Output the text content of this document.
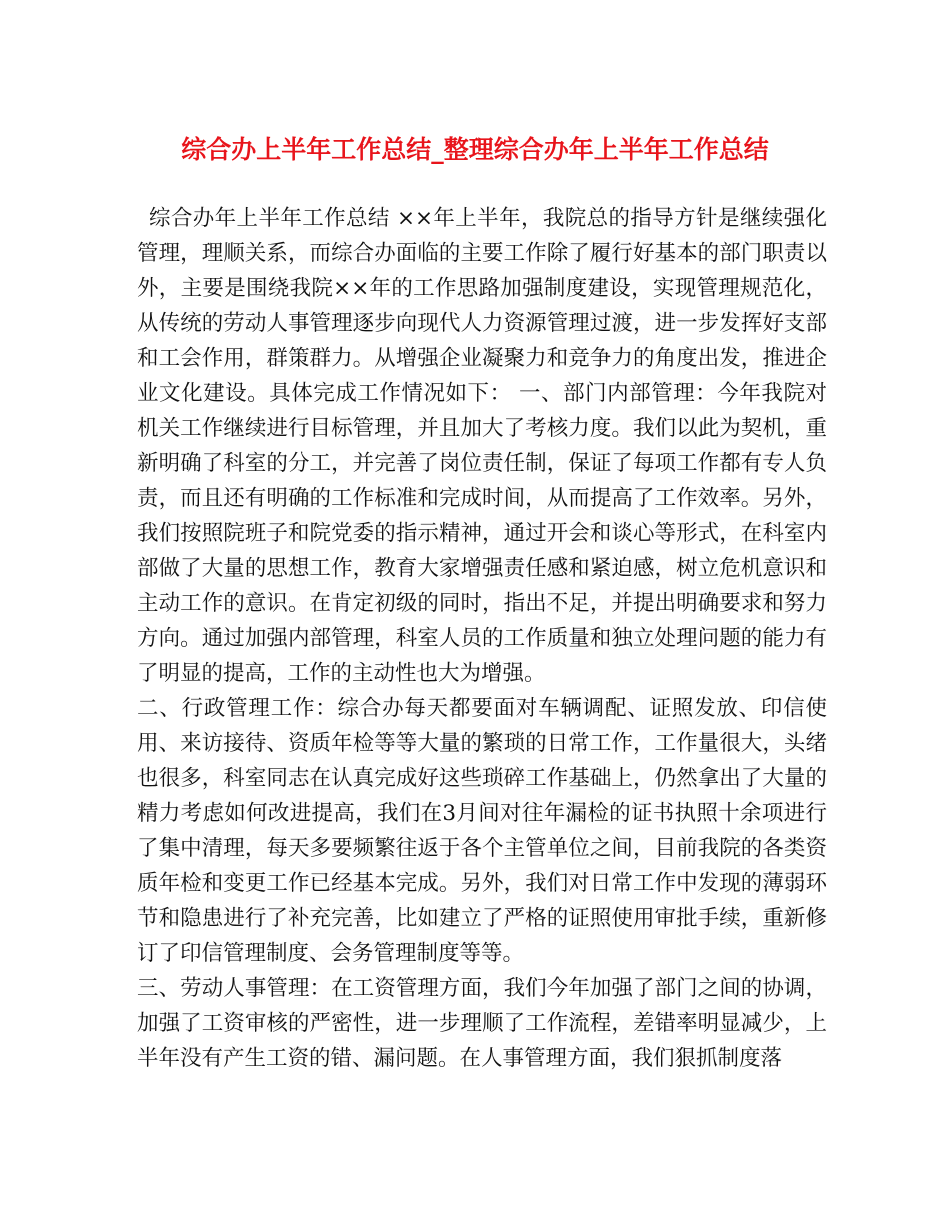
综合办上半年工作总结_整理综合办年上半年工作总结

综合办年上半年工作总结 ××年上半年，我院总的指导方针是继续强化管理，理顺关系，而综合办面临的主要工作除了履行好基本的部门职责以外，主要是围绕我院××年的工作思路加强制度建设，实现管理规范化，从传统的劳动人事管理逐步向现代人力资源管理过渡，进一步发挥好支部和工会作用，群策群力。从增强企业凝聚力和竞争力的角度出发，推进企业文化建设。具体完成工作情况如下： 一、部门内部管理：今年我院对机关工作继续进行目标管理，并且加大了考核力度。我们以此为契机，重新明确了科室的分工，并完善了岗位责任制，保证了每项工作都有专人负责，而且还有明确的工作标准和完成时间，从而提高了工作效率。另外，我们按照院班子和院党委的指示精神，通过开会和谈心等形式，在科室内部做了大量的思想工作，教育大家增强责任感和紧迫感，树立危机意识和主动工作的意识。在肯定初级的同时，指出不足，并提出明确要求和努力方向。通过加强内部管理，科室人员的工作质量和独立处理问题的能力有了明显的提高，工作的主动性也大为增强。

二、行政管理工作：综合办每天都要面对车辆调配、证照发放、印信使用、来访接待、资质年检等等大量的繁琐的日常工作，工作量很大，头绪也很多，科室同志在认真完成好这些琐碎工作基础上，仍然拿出了大量的精力考虑如何改进提高，我们在3月间对往年漏检的证书执照十余项进行了集中清理，每天多要频繁往返于各个主管单位之间，目前我院的各类资质年检和变更工作已经基本完成。另外，我们对日常工作中发现的薄弱环节和隐患进行了补充完善，比如建立了严格的证照使用审批手续，重新修订了印信管理制度、会务管理制度等等。

三、劳动人事管理：在工资管理方面，我们今年加强了部门之间的协调，加强了工资审核的严密性，进一步理顺了工作流程，差错率明显减少，上半年没有产生工资的错、漏问题。在人事管理方面，我们狠抓制度落
